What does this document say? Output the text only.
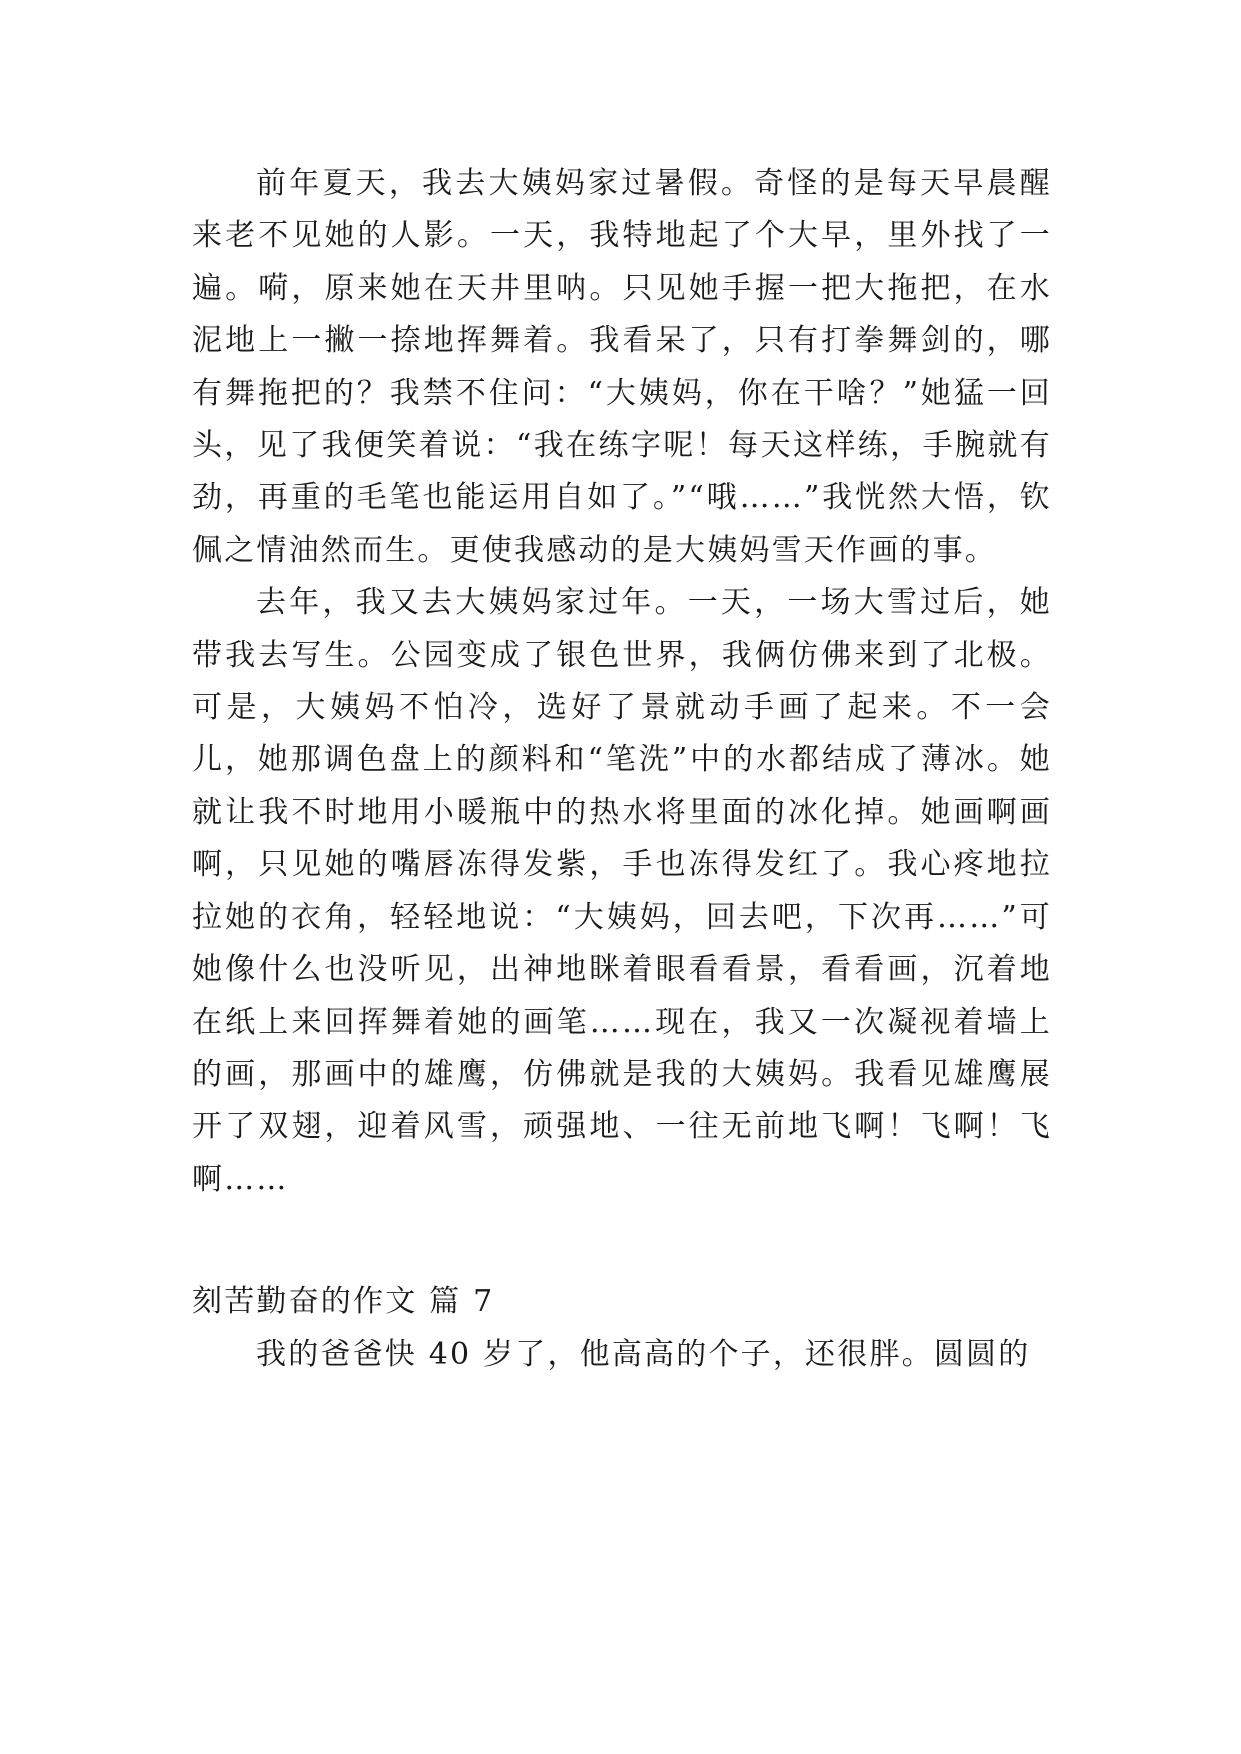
前年夏天，我去大姨妈家过暑假。奇怪的是每天早晨醒来老不见她的人影。一天，我特地起了个大早，里外找了一遍。嗬，原来她在天井里呐。只见她手握一把大拖把，在水泥地上一撇一捺地挥舞着。我看呆了，只有打拳舞剑的，哪有舞拖把的？我禁不住问：“大姨妈，你在干啥？”她猛一回头，见了我便笑着说：“我在练字呢！每天这样练，手腕就有劲，再重的毛笔也能运用自如了。”“哦……”我恍然大悟，钦佩之情油然而生。更使我感动的是大姨妈雪天作画的事。

去年，我又去大姨妈家过年。一天，一场大雪过后，她带我去写生。公园变成了银色世界，我俩仿佛来到了北极。可是，大姨妈不怕冷，选好了景就动手画了起来。不一会儿，她那调色盘上的颜料和“笔洗”中的水都结成了薄冰。她就让我不时地用小暖瓶中的热水将里面的冰化掉。她画啊画啊，只见她的嘴唇冻得发紫，手也冻得发红了。我心疼地拉拉她的衣角，轻轻地说：“大姨妈，回去吧，下次再……”可她像什么也没听见，出神地眯着眼看看景，看看画，沉着地在纸上来回挥舞着她的画笔……现在，我又一次凝视着墙上的画，那画中的雄鹰，仿佛就是我的大姨妈。我看见雄鹰展开了双翅，迎着风雪，顽强地、一往无前地飞啊！飞啊！飞啊……

刻苦勤奋的作文 篇 7

我的爸爸快 40 岁了，他高高的个子，还很胖。圆圆的
